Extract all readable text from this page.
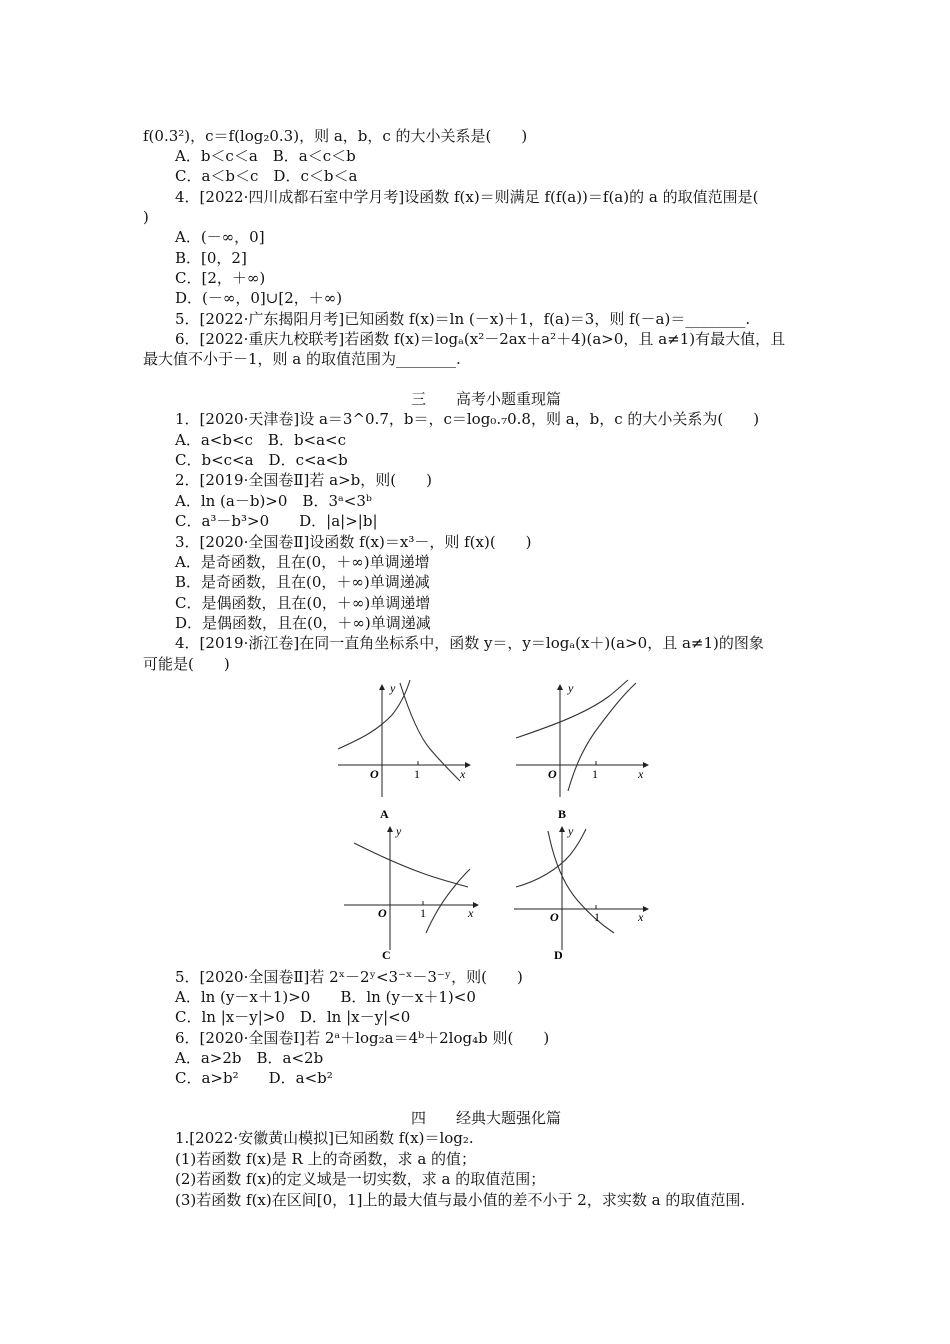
f(0.3²)，c＝f(log₂0.3)，则 a，b，c 的大小关系是(　　)
A．b＜c＜a　B．a＜c＜b
C．a＜b＜c　D．c＜b＜a
4．[2022·四川成都石室中学月考]设函数 f(x)＝则满足 f(f(a))＝f(a)的 a 的取值范围是(
)
A．(－∞，0]
B．[0，2]
C．[2，＋∞)
D．(－∞，0]∪[2，＋∞)
5．[2022·广东揭阳月考]已知函数 f(x)＝ln (－x)＋1，f(a)＝3，则 f(－a)＝________.
6．[2022·重庆九校联考]若函数 f(x)＝logₐ(x²－2ax＋a²＋4)(a>0，且 a≠1)有最大值，且
最大值不小于－1，则 a 的取值范围为________.
三　　高考小题重现篇
1．[2020·天津卷]设 a＝3^0.7，b＝，c＝log₀.₇0.8，则 a，b，c 的大小关系为(　　)
A．a<b<c　B．b<a<c
C．b<c<a　D．c<a<b
2．[2019·全国卷Ⅱ]若 a>b，则(　　)
A．ln (a－b)>0　B．3ᵃ<3ᵇ
C．a³－b³>0　　D．|a|>|b|
3．[2020·全国卷Ⅱ]设函数 f(x)＝x³－，则 f(x)(　　)
A．是奇函数，且在(0，＋∞)单调递增
B．是奇函数，且在(0，＋∞)单调递减
C．是偶函数，且在(0，＋∞)单调递增
D．是偶函数，且在(0，＋∞)单调递减
4．[2019·浙江卷]在同一直角坐标系中，函数 y＝，y＝logₐ(x＋)(a>0，且 a≠1)的图象
可能是(　　)
y
x
O	1
A
y
x
O	1
B
y
x
O	1
C
y
x
O	1
D
5．[2020·全国卷Ⅱ]若 2ˣ－2ʸ<3⁻ˣ－3⁻ʸ，则(　　)
A．ln (y－x＋1)>0　　B．ln (y－x＋1)<0
C．ln |x－y|>0　D．ln |x－y|<0
6．[2020·全国卷Ⅰ]若 2ᵃ＋log₂a＝4ᵇ＋2log₄b 则(　　)
A．a>2b　B．a<2b
C．a>b²　　D．a<b²
四　　经典大题强化篇
1.[2022·安徽黄山模拟]已知函数 f(x)＝log₂.
(1)若函数 f(x)是 R 上的奇函数，求 a 的值；
(2)若函数 f(x)的定义域是一切实数，求 a 的取值范围；
(3)若函数 f(x)在区间[0，1]上的最大值与最小值的差不小于 2，求实数 a 的取值范围.
